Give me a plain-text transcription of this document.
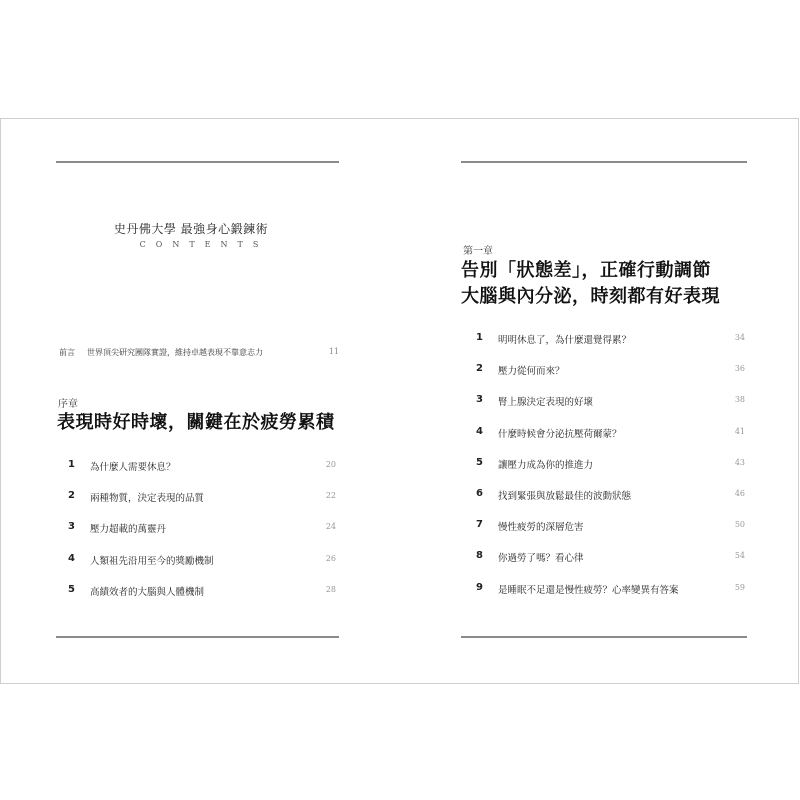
史丹佛大學 最強身心鍛鍊術
CONTENTS
前言 世界頂尖研究團隊實證，維持卓越表現不靠意志力	11
序章
表現時好時壞，關鍵在於疲勞累積
1 為什麼人需要休息？	20
2 兩種物質，決定表現的品質	22
3 壓力超載的萬靈丹	24
4 人類祖先沿用至今的獎勵機制	26
5 高績效者的大腦與人體機制	28
第一章
告別「狀態差」，正確行動調節
大腦與內分泌，時刻都有好表現
1 明明休息了，為什麼還覺得累？	34
2 壓力從何而來？	36
3 腎上腺決定表現的好壞	38
4 什麼時候會分泌抗壓荷爾蒙？	41
5 讓壓力成為你的推進力	43
6 找到緊張與放鬆最佳的波動狀態	46
7 慢性疲勞的深層危害	50
8 你過勞了嗎？看心律	54
9 是睡眠不足還是慢性疲勞？心率變異有答案	59
